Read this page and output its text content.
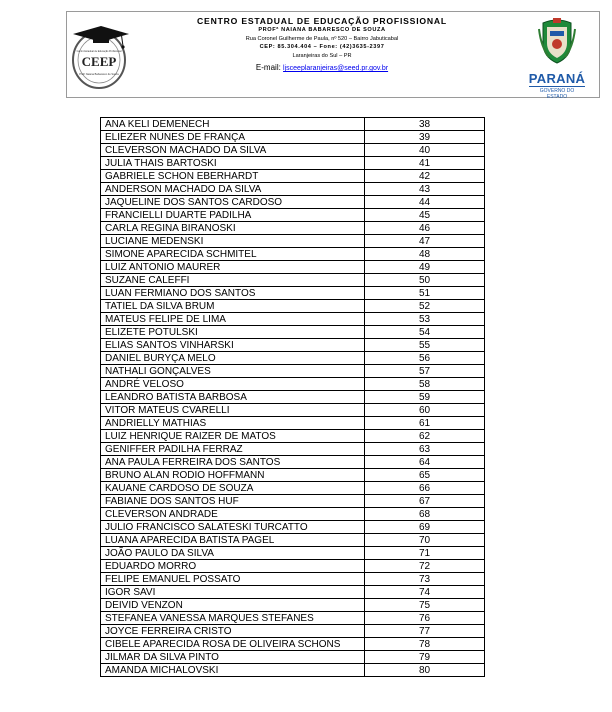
CEEP
Centro Estadual de Educação Profissional
Profª Naiana Babaresco de Souza
CENTRO ESTADUAL DE EDUCAÇÃO PROFISSIONAL
PROFª NAIANA BABARESCO DE SOUZA
Rua Coronel Guilherme de Paula, nº 520 – Bairro Jabuticabal
CEP: 85.304.404 – Fone: (42)3635-2397
Laranjeiras do Sul – PR
E-mail: ljsceeplaranjeiras@seed.pr.gov.br
PARANÁ
GOVERNO DO ESTADO
ANA KELI DEMENECH	38
ELIEZER NUNES DE FRANÇA	39
CLEVERSON MACHADO DA SILVA	40
JULIA THAIS BARTOSKI	41
GABRIELE SCHON EBERHARDT	42
ANDERSON MACHADO DA SILVA	43
JAQUELINE DOS SANTOS CARDOSO	44
FRANCIELLI DUARTE PADILHA	45
CARLA REGINA BIRANOSKI	46
LUCIANE MEDENSKI	47
SIMONE APARECIDA SCHMITEL	48
LUIZ ANTONIO MAURER	49
SUZANE CALEFFI	50
LUAN FERMIANO DOS SANTOS	51
TATIEL DA SILVA BRUM	52
MATEUS FELIPE DE LIMA	53
ELIZETE POTULSKI	54
ELIAS SANTOS VINHARSKI	55
DANIEL BURYÇA MELO	56
NATHALI GONÇALVES	57
ANDRÉ VELOSO	58
LEANDRO BATISTA BARBOSA	59
VITOR MATEUS CVARELLI	60
ANDRIELLY MATHIAS	61
LUIZ HENRIQUE RAIZER DE MATOS	62
GENIFFER PADILHA FERRAZ	63
ANA PAULA FERREIRA DOS SANTOS	64
BRUNO ALAN RODIO HOFFMANN	65
KAUANE CARDOSO DE SOUZA	66
FABIANE DOS SANTOS HUF	67
CLEVERSON ANDRADE	68
JULIO FRANCISCO SALATESKI TURCATTO	69
LUANA APARECIDA BATISTA PAGEL	70
JOÃO PAULO DA SILVA	71
EDUARDO MORRO	72
FELIPE EMANUEL POSSATO	73
IGOR SAVI	74
DEIVID VENZON	75
STEFANEA VANESSA MARQUES STEFANES	76
JOYCE FERREIRA CRISTO	77
CIBELE APARECIDA ROSA DE OLIVEIRA SCHONS	78
JILMAR DA SILVA PINTO	79
AMANDA MICHALOVSKI	80
